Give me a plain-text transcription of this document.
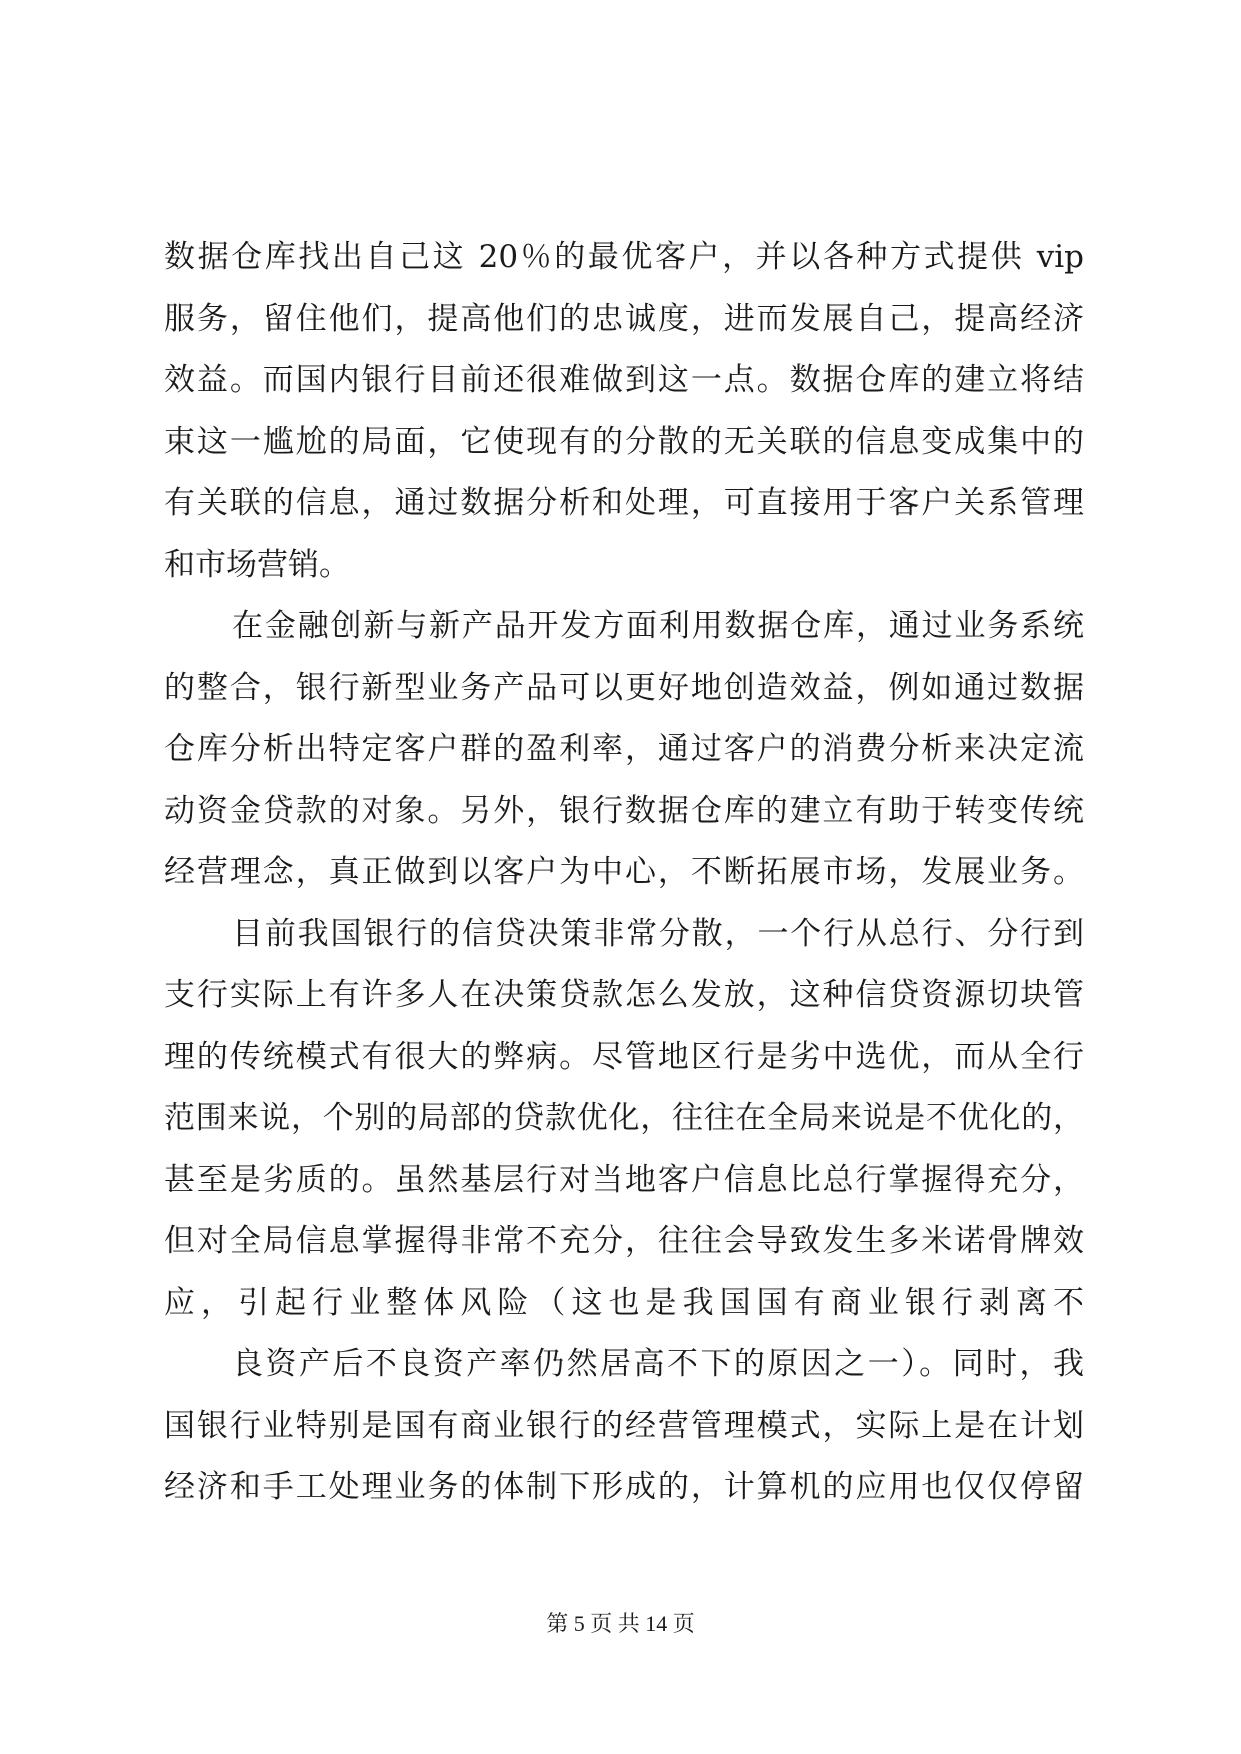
数据仓库找出自己这 20％的最优客户，并以各种方式提供 vip
服务，留住他们，提高他们的忠诚度，进而发展自己，提高经济
效益。而国内银行目前还很难做到这一点。数据仓库的建立将结
束这一尴尬的局面，它使现有的分散的无关联的信息变成集中的
有关联的信息，通过数据分析和处理，可直接用于客户关系管理
和市场营销。
在金融创新与新产品开发方面利用数据仓库，通过业务系统
的整合，银行新型业务产品可以更好地创造效益，例如通过数据
仓库分析出特定客户群的盈利率，通过客户的消费分析来决定流
动资金贷款的对象。另外，银行数据仓库的建立有助于转变传统
经营理念，真正做到以客户为中心，不断拓展市场，发展业务。
目前我国银行的信贷决策非常分散，一个行从总行、分行到
支行实际上有许多人在决策贷款怎么发放，这种信贷资源切块管
理的传统模式有很大的弊病。尽管地区行是劣中选优，而从全行
范围来说，个别的局部的贷款优化，往往在全局来说是不优化的，
甚至是劣质的。虽然基层行对当地客户信息比总行掌握得充分，
但对全局信息掌握得非常不充分，往往会导致发生多米诺骨牌效
应，引起行业整体风险（这也是我国国有商业银行剥离不
良资产后不良资产率仍然居高不下的原因之一）。同时，我
国银行业特别是国有商业银行的经营管理模式，实际上是在计划
经济和手工处理业务的体制下形成的，计算机的应用也仅仅停留
第 5 页 共 14 页
